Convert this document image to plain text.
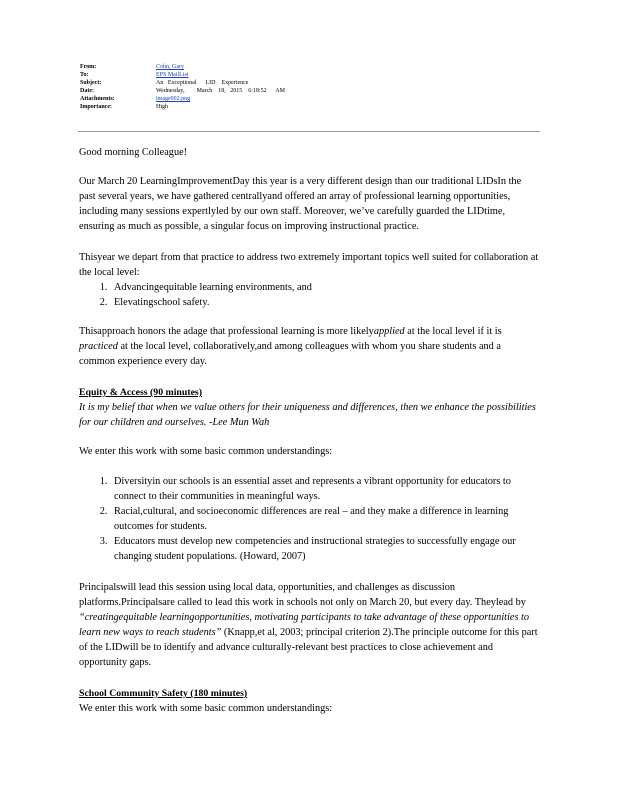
From:	Cohn, Gary
To:	EPS MailList
Subject:	An   Exceptional      LID    Experience
Date:	Wednesday,        March    18,   2015    6:18:52      AM
Attachments:	image002.png
Importance:	High

Good morning Colleague!

Our March 20 LearningImprovementDay this year is a very different design than our traditional LIDsIn the past several years, we have gathered centrallyand offered an array of professional learning opportunities, including many sessions expertlyled by our own staff. Moreover, we’ve carefully guarded the LIDtime, ensuring as much as possible, a singular focus on improving instructional practice.

Thisyear we depart from that practice to address two extremely important topics well suited for collaboration at the local level:

1. Advancingequitable learning environments, and
2. Elevatingschool safety.

Thisapproach honors the adage that professional learning is more likelyapplied at the local level if it is practiced at the local level, collaboratively,and among colleagues with whom you share students and a common experience every day.

Equity & Access (90 minutes)

It is my belief that when we value others for their uniqueness and differences, then we enhance the possibilities for our children and ourselves. -Lee Mun Wah

We enter this work with some basic common understandings:

1. Diversityin our schools is an essential asset and represents a vibrant opportunity for educators to connect to their communities in meaningful ways.
2. Racial,cultural, and socioeconomic differences are real – and they make a difference in learning outcomes for students.
3. Educators must develop new competencies and instructional strategies to successfully engage our changing student populations. (Howard, 2007)

Principalswill lead this session using local data, opportunities, and challenges as discussion platforms.Principalsare called to lead this work in schools not only on March 20, but every day. Theylead by “creatingequitable learningopportunities, motivating participants to take advantage of these opportunities to learn new ways to reach students” (Knapp,et al, 2003; principal criterion 2).The principle outcome for this part of the LIDwill be to identify and advance culturally-relevant best practices to close achievement and opportunity gaps.

School Community Safety (180 minutes)

We enter this work with some basic common understandings:
